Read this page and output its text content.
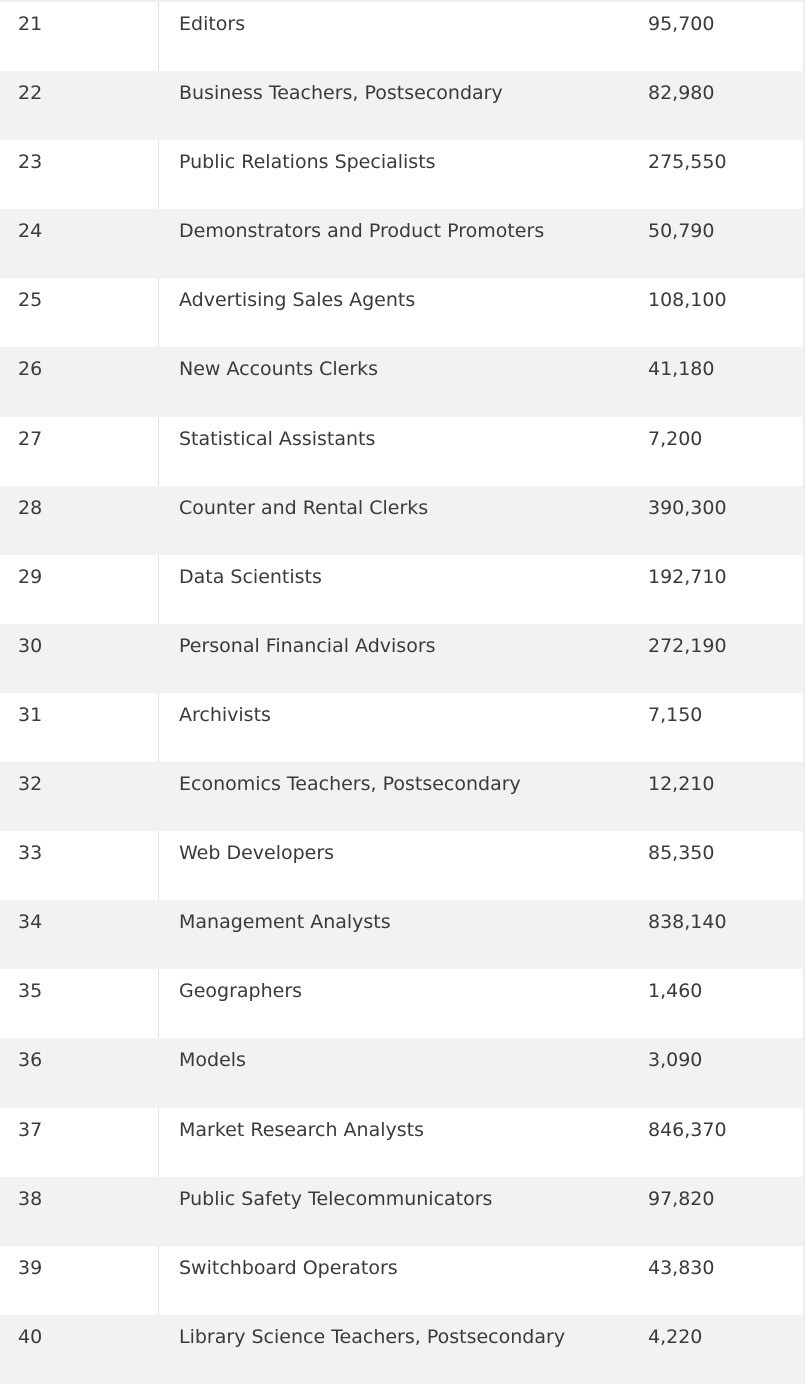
21	Editors	95,700
22	Business Teachers, Postsecondary	82,980
23	Public Relations Specialists	275,550
24	Demonstrators and Product Promoters	50,790
25	Advertising Sales Agents	108,100
26	New Accounts Clerks	41,180
27	Statistical Assistants	7,200
28	Counter and Rental Clerks	390,300
29	Data Scientists	192,710
30	Personal Financial Advisors	272,190
31	Archivists	7,150
32	Economics Teachers, Postsecondary	12,210
33	Web Developers	85,350
34	Management Analysts	838,140
35	Geographers	1,460
36	Models	3,090
37	Market Research Analysts	846,370
38	Public Safety Telecommunicators	97,820
39	Switchboard Operators	43,830
40	Library Science Teachers, Postsecondary	4,220
